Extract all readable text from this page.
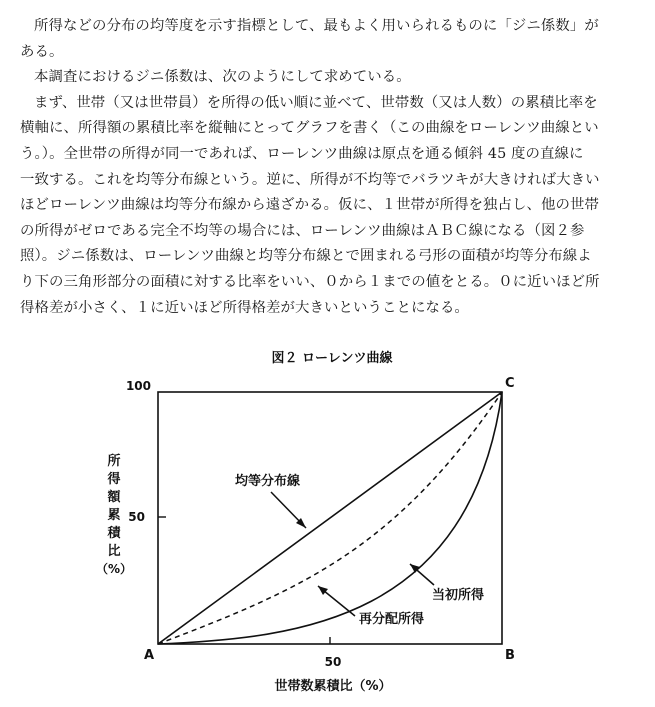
所得などの分布の均等度を示す指標として、最もよく用いられるものに「ジニ係数」が
ある。
本調査におけるジニ係数は、次のようにして求めている。
まず、世帯（又は世帯員）を所得の低い順に並べて、世帯数（又は人数）の累積比率を
横軸に、所得額の累積比率を縦軸にとってグラフを書く（この曲線をローレンツ曲線とい
う。）。全世帯の所得が同一であれば、ローレンツ曲線は原点を通る傾斜 45 度の直線に
一致する。これを均等分布線という。逆に、所得が不均等でバラツキが大きければ大きい
ほどローレンツ曲線は均等分布線から遠ざかる。仮に、１世帯が所得を独占し、他の世帯
の所得がゼロである完全不均等の場合には、ローレンツ曲線はＡＢＣ線になる（図２参
照）。ジニ係数は、ローレンツ曲線と均等分布線とで囲まれる弓形の面積が均等分布線よ
り下の三角形部分の面積に対する比率をいい、０から１までの値をとる。０に近いほど所
得格差が小さく、１に近いほど所得格差が大きいということになる。
図２ ローレンツ曲線
100
50
50
所
得
額
累
積
比
（%）
A	B
C
均等分布線
当初所得
再分配所得
世帯数累積比（%）
